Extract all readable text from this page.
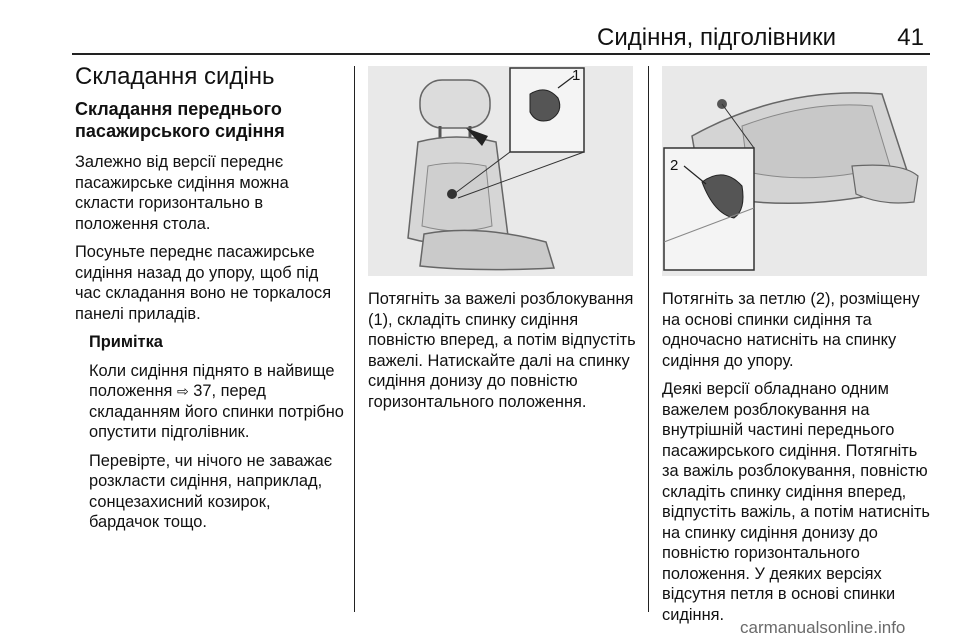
Сидіння, підголівники	41
Складання сидінь
Складання переднього пасажирського сидіння

Залежно від версії переднє пасажирське сидіння можна скласти горизонтально в положення стола.

Посуньте переднє пасажирське сидіння назад до упору, щоб під час складання воно не торкалося панелі приладів.

Примітка

Коли сидіння піднято в найвище положення ⇨ 37, перед складанням його спинки потрібно опустити підголівник.

Перевірте, чи нічого не заважає розкласти сидіння, наприклад, сонцезахисний козирок, бардачок тощо.

1

Потягніть за важелі розблокування (1), складіть спинку сидіння повністю вперед, а потім відпустіть важелі. Натискайте далі на спинку сидіння донизу до повністю горизонтального положення.

2

Потягніть за петлю (2), розміщену на основі спинки сидіння та одночасно натисніть на спинку сидіння до упору.

Деякі версії обладнано одним важелем розблокування на внутрішній частині переднього пасажирського сидіння. Потягніть за важіль розблокування, повністю складіть спинку сидіння вперед, відпустіть важіль, а потім натисніть на спинку сидіння донизу до повністю горизонтального положення. У деяких версіях відсутня петля в основі спинки сидіння.

carmanualsonline.info
